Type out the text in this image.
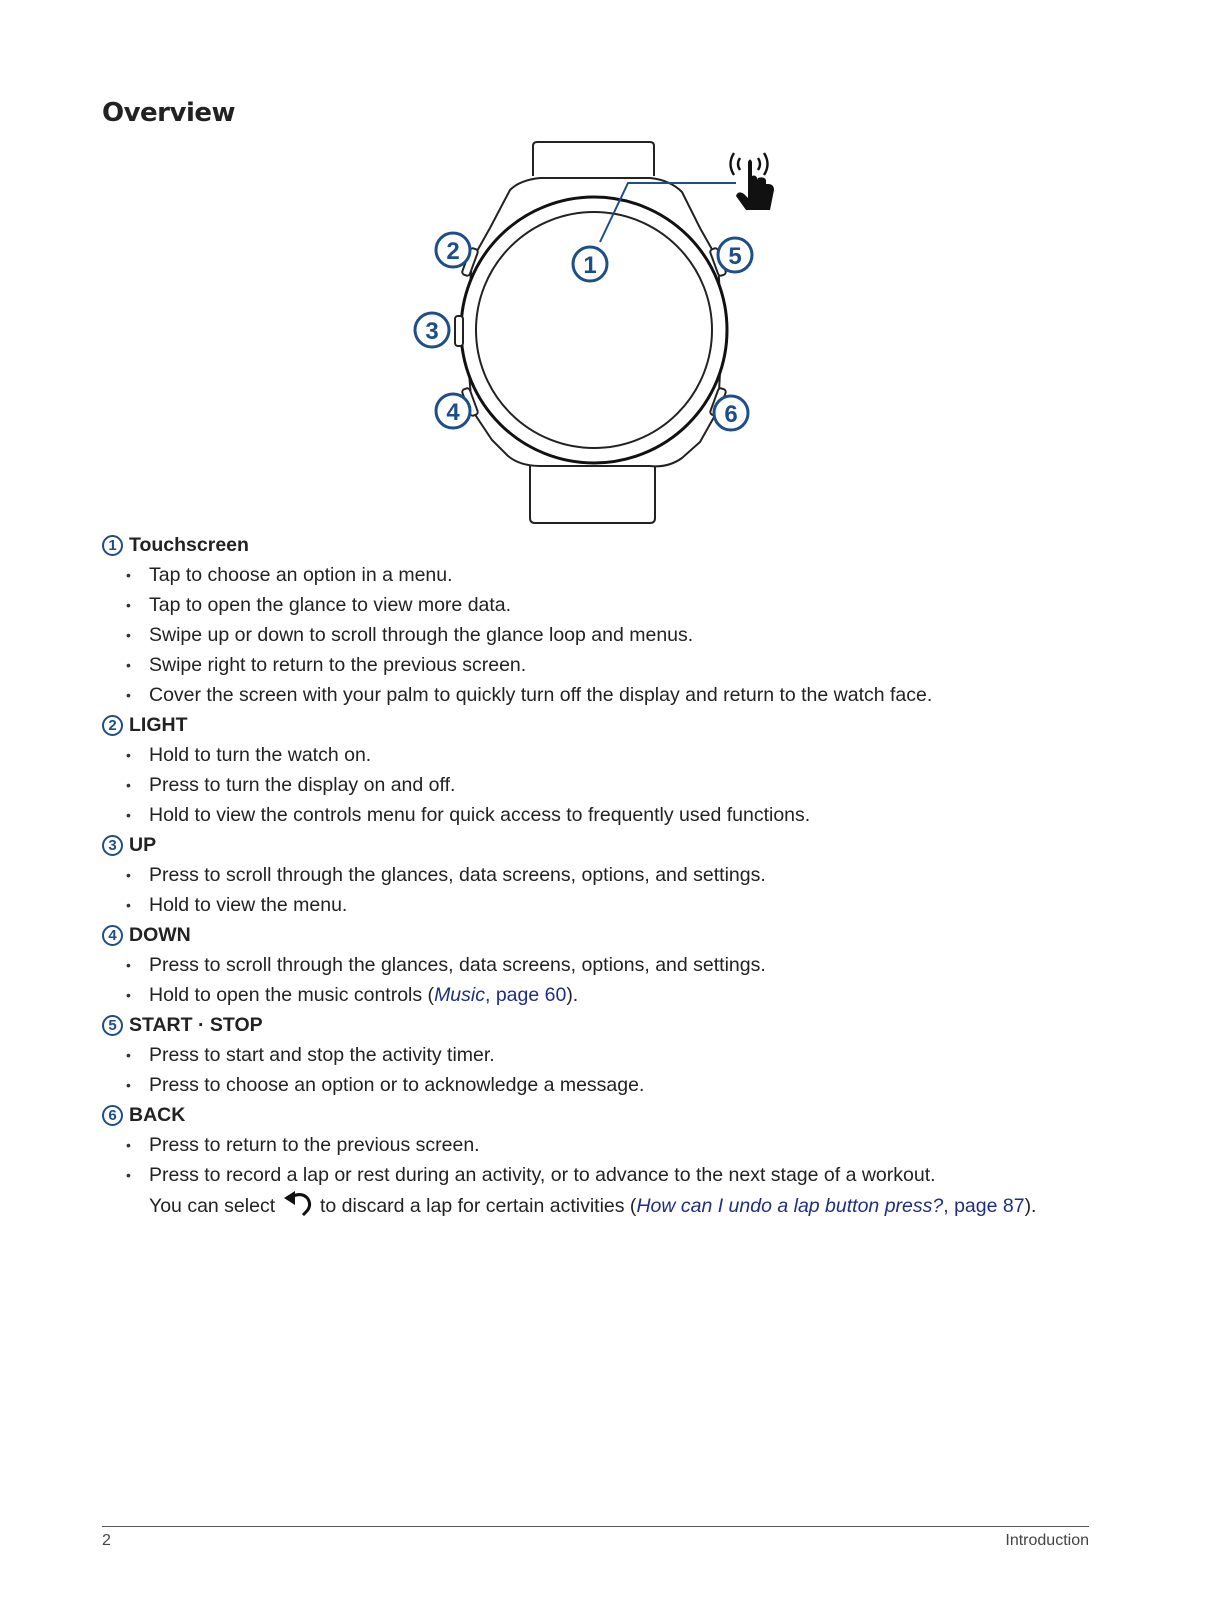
Overview
1
2
3
4
5
6
1 Touchscreen
• Tap to choose an option in a menu.
• Tap to open the glance to view more data.
• Swipe up or down to scroll through the glance loop and menus.
• Swipe right to return to the previous screen.
• Cover the screen with your palm to quickly turn off the display and return to the watch face.
2 LIGHT
• Hold to turn the watch on.
• Press to turn the display on and off.
• Hold to view the controls menu for quick access to frequently used functions.
3 UP
• Press to scroll through the glances, data screens, options, and settings.
• Hold to view the menu.
4 DOWN
• Press to scroll through the glances, data screens, options, and settings.
• Hold to open the music controls (Music, page 60).
5 START · STOP
• Press to start and stop the activity timer.
• Press to choose an option or to acknowledge a message.
6 BACK
• Press to return to the previous screen.
• Press to record a lap or rest during an activity, or to advance to the next stage of a workout.
You can select  to discard a lap for certain activities (How can I undo a lap button press?, page 87).
2	Introduction
